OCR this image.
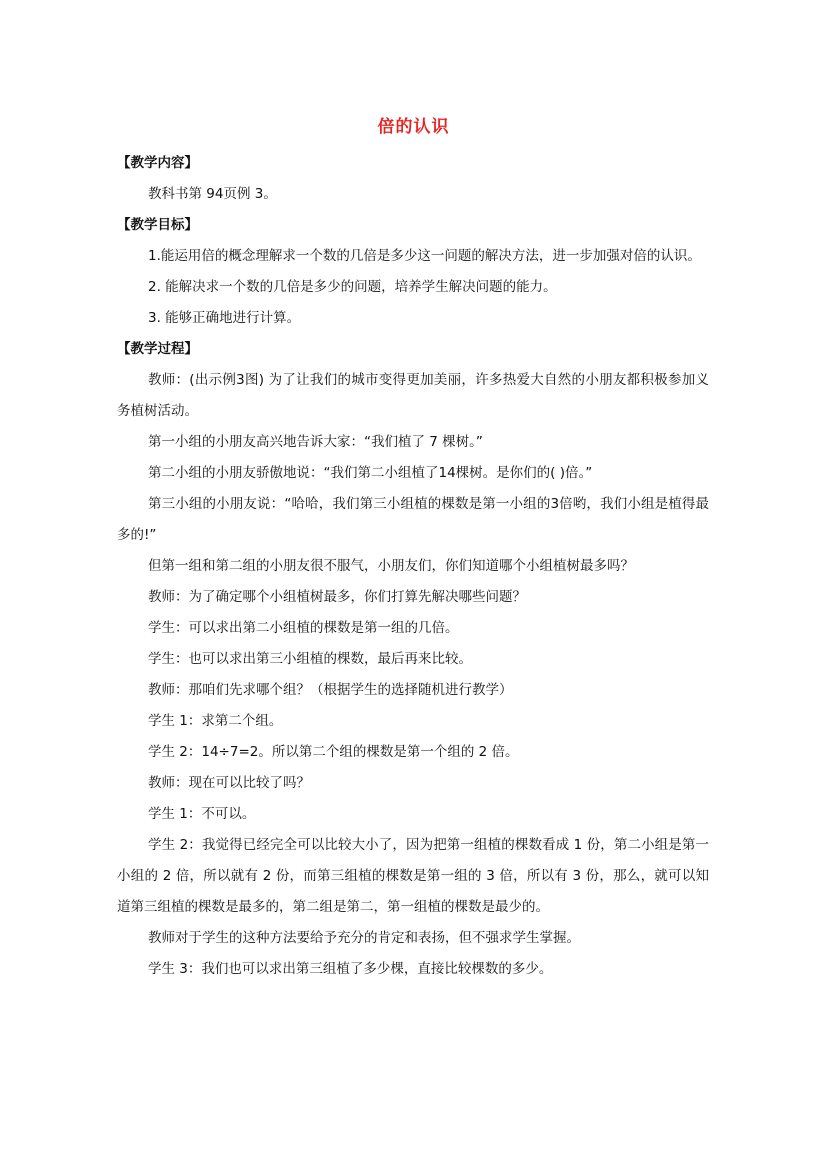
倍的认识

【教学内容】

教科书第 94页例 3。

【教学目标】

1.能运用倍的概念理解求一个数的几倍是多少这一问题的解决方法，进一步加强对倍的认识。

2. 能解决求一个数的几倍是多少的问题，培养学生解决问题的能力。

3. 能够正确地进行计算。

【教学过程】

教师：(出示例3图) 为了让我们的城市变得更加美丽，许多热爱大自然的小朋友都积极参加义务植树活动。

第一小组的小朋友高兴地告诉大家：“我们植了 7 棵树。”

第二小组的小朋友骄傲地说：“我们第二小组植了14棵树。是你们的( )倍。”

第三小组的小朋友说：“哈哈，我们第三小组植的棵数是第一小组的3倍哟，我们小组是植得最多的!”

但第一组和第二组的小朋友很不服气，小朋友们，你们知道哪个小组植树最多吗？

教师：为了确定哪个小组植树最多，你们打算先解决哪些问题？

学生：可以求出第二小组植的棵数是第一组的几倍。

学生：也可以求出第三小组植的棵数，最后再来比较。

教师：那咱们先求哪个组？（根据学生的选择随机进行教学）

学生 1：求第二个组。

学生 2：14÷7=2。所以第二个组的棵数是第一个组的 2 倍。

教师：现在可以比较了吗？

学生 1：不可以。

学生 2：我觉得已经完全可以比较大小了，因为把第一组植的棵数看成 1 份，第二小组是第一小组的 2 倍，所以就有 2 份，而第三组植的棵数是第一组的 3 倍，所以有 3 份，那么，就可以知道第三组植的棵数是最多的，第二组是第二，第一组植的棵数是最少的。

教师对于学生的这种方法要给予充分的肯定和表扬，但不强求学生掌握。

学生 3：我们也可以求出第三组植了多少棵，直接比较棵数的多少。
